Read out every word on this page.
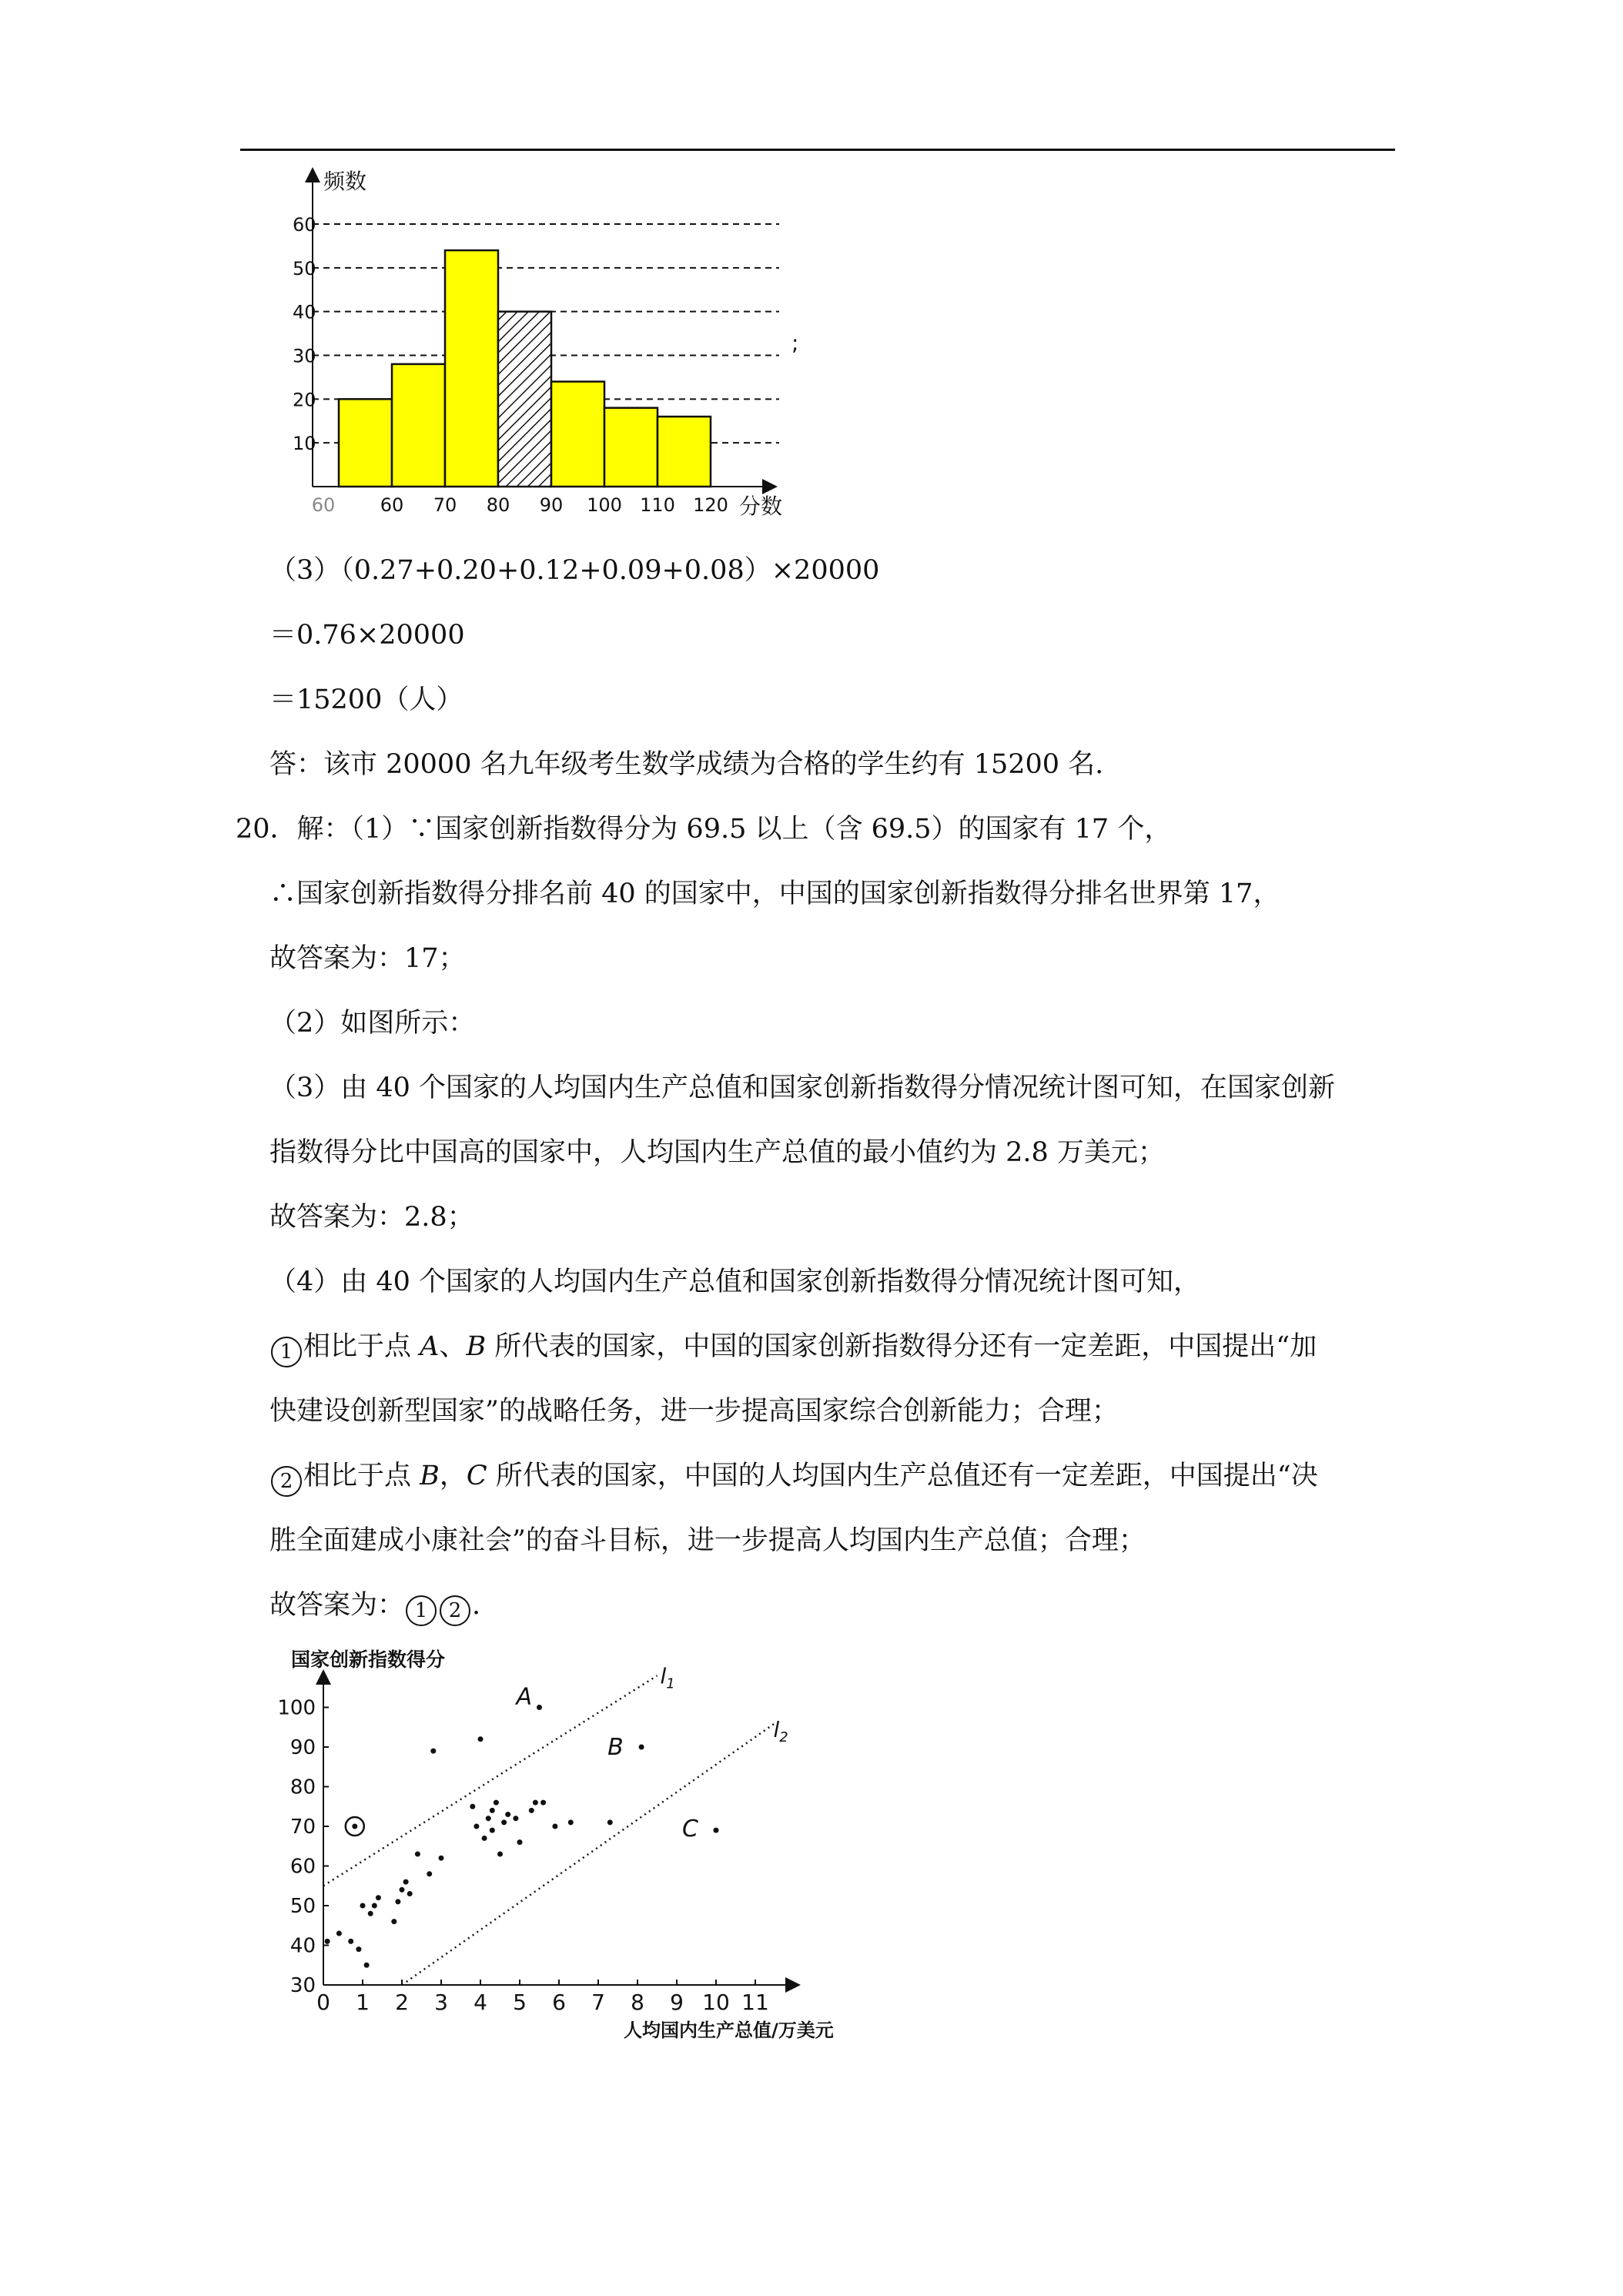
10
20
30
40
50
60
60 60 70 80 90 100 110 120
频数
分数
;
（3）（0.27+0.20+0.12+0.09+0.08）×20000
＝0.76×20000
＝15200（人）
答：该市 20000 名九年级考生数学成绩为合格的学生约有 15200 名.
20．解：（1）∵国家创新指数得分为 69.5 以上（含 69.5）的国家有 17 个，
∴国家创新指数得分排名前 40 的国家中，中国的国家创新指数得分排名世界第 17，
故答案为：17；
（2）如图所示：
（3）由 40 个国家的人均国内生产总值和国家创新指数得分情况统计图可知，在国家创新
指数得分比中国高的国家中，人均国内生产总值的最小值约为 2.8 万美元；
故答案为：2.8；
（4）由 40 个国家的人均国内生产总值和国家创新指数得分情况统计图可知，
1 相比于点 A、B 所代表的国家，中国的国家创新指数得分还有一定差距，中国提出“加
快建设创新型国家”的战略任务，进一步提高国家综合创新能力；合理；
2 相比于点 B，C 所代表的国家，中国的人均国内生产总值还有一定差距，中国提出“决
胜全面建成小康社会”的奋斗目标，进一步提高人均国内生产总值；合理；
故答案为： 1 2 .
国家创新指数得分
30
40
50
60
70
80
90
100
0 1 2 3 4 5 6 7 8 9 10 11
A
B
C
$l_1$
$l_2$
人均国内生产总值/万美元
